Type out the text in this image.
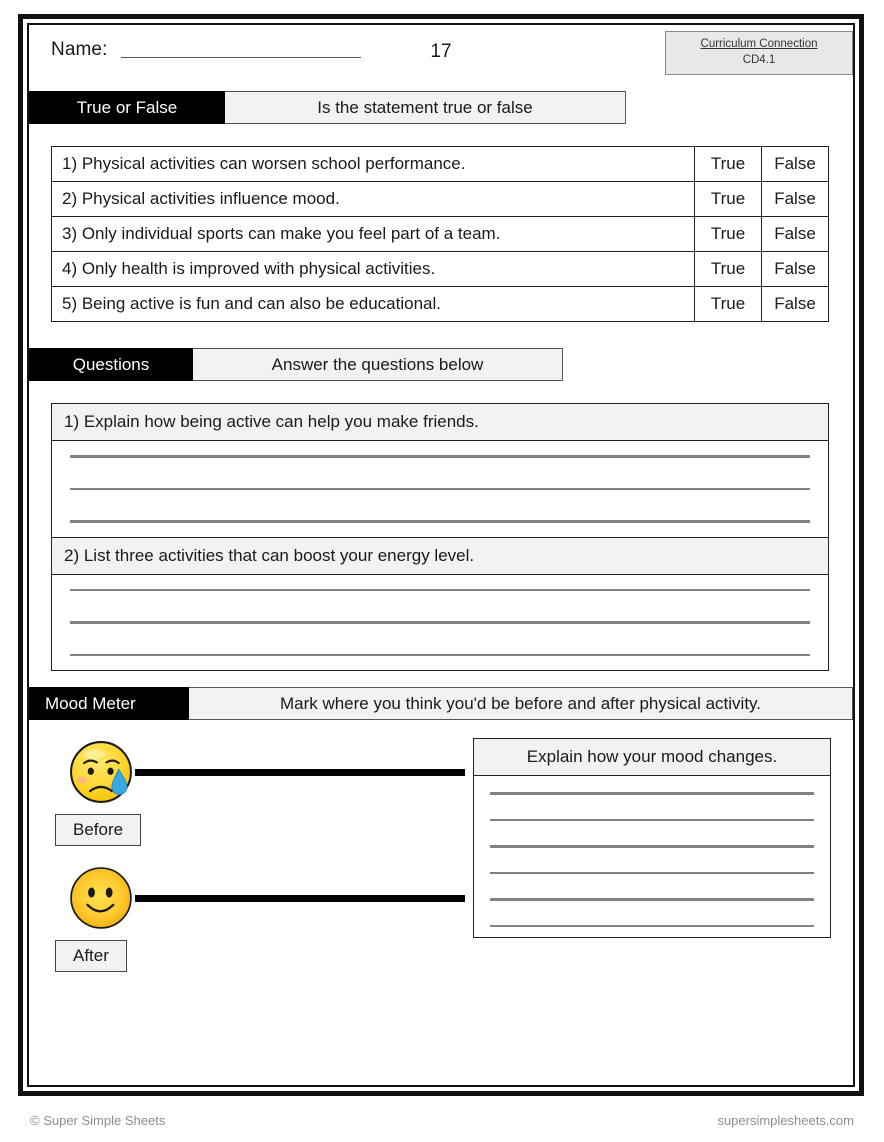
Name:	17	Curriculum Connection
CD4.1
True or False	Is the statement true or false
1) Physical activities can worsen school performance.	True	False
2) Physical activities influence mood.	True	False
3) Only individual sports can make you feel part of a team.	True	False
4) Only health is improved with physical activities.	True	False
5) Being active is fun and can also be educational.	True	False
Questions	Answer the questions below
1) Explain how being active can help you make friends.
2) List three activities that can boost your energy level.
Mood Meter	Mark where you think you'd be before and after physical activity.
Before
After
Explain how your mood changes.
© Super Simple Sheets	supersimplesheets.com
